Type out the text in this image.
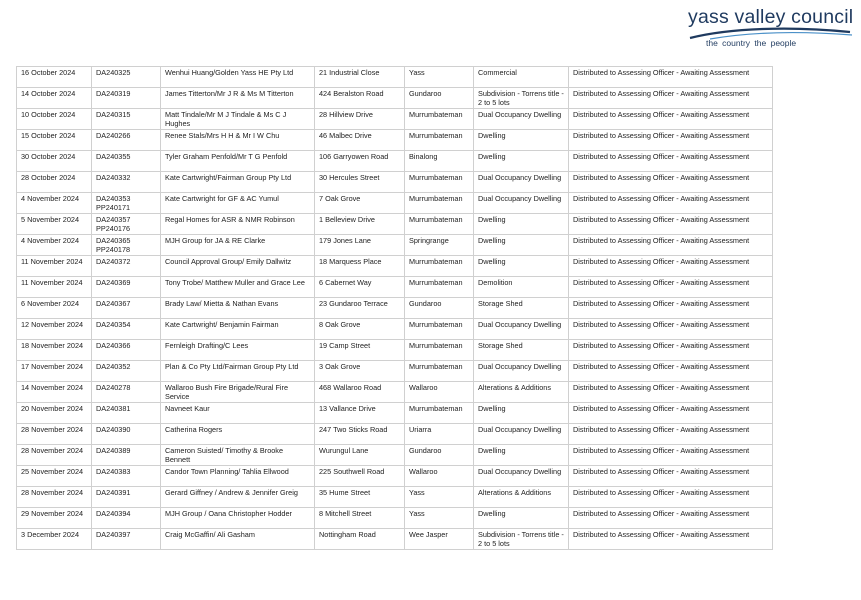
yass valley council
the country the people
16 October 2024	DA240325	Wenhui Huang/Golden Yass HE Pty Ltd	21 Industrial Close	Yass	Commercial	Distributed to Assessing Officer - Awaiting Assessment
14 October 2024	DA240319	James Titterton/Mr J R & Ms M Titterton	424 Beralston Road	Gundaroo	Subdivision - Torrens title - 2 to 5 lots	Distributed to Assessing Officer - Awaiting Assessment
10 October 2024	DA240315	Matt Tindale/Mr M J Tindale & Ms C J Hughes	28 Hillview Drive	Murrumbateman	Dual Occupancy Dwelling	Distributed to Assessing Officer - Awaiting Assessment
15 October 2024	DA240266	Renee Stals/Mrs H H & Mr I W Chu	46 Malbec Drive	Murrumbateman	Dwelling	Distributed to Assessing Officer - Awaiting Assessment
30 October 2024	DA240355	Tyler Graham Penfold/Mr T G Penfold	106 Garryowen Road	Binalong	Dwelling	Distributed to Assessing Officer - Awaiting Assessment
28 October 2024	DA240332	Kate Cartwright/Fairman Group Pty Ltd	30 Hercules Street	Murrumbateman	Dual Occupancy Dwelling	Distributed to Assessing Officer - Awaiting Assessment
4 November 2024	DA240353 PP240171	Kate Cartwright for GF & AC Yumul	7 Oak Grove	Murrumbateman	Dual Occupancy Dwelling	Distributed to Assessing Officer - Awaiting Assessment
5 November 2024	DA240357 PP240176	Regal Homes for ASR & NMR Robinson	1 Belleview Drive	Murrumbateman	Dwelling	Distributed to Assessing Officer - Awaiting Assessment
4 November 2024	DA240365 PP240178	MJH Group for JA & RE Clarke	179 Jones Lane	Springrange	Dwelling	Distributed to Assessing Officer - Awaiting Assessment
11 November 2024	DA240372	Council Approval Group/ Emily Dallwitz	18 Marquess Place	Murrumbateman	Dwelling	Distributed to Assessing Officer - Awaiting Assessment
11 November 2024	DA240369	Tony Trobe/ Matthew Muller and Grace Lee	6 Cabernet Way	Murrumbateman	Demolition	Distributed to Assessing Officer - Awaiting Assessment
6 November 2024	DA240367	Brady Law/ Mietta & Nathan Evans	23 Gundaroo Terrace	Gundaroo	Storage Shed	Distributed to Assessing Officer - Awaiting Assessment
12 November 2024	DA240354	Kate Cartwright/ Benjamin Fairman	8 Oak Grove	Murrumbateman	Dual Occupancy Dwelling	Distributed to Assessing Officer - Awaiting Assessment
18 November 2024	DA240366	Fernleigh Drafting/C Lees	19 Camp Street	Murrumbateman	Storage Shed	Distributed to Assessing Officer - Awaiting Assessment
17 November 2024	DA240352	Plan & Co Pty Ltd/Fairman Group Pty Ltd	3 Oak Grove	Murrumbateman	Dual Occupancy Dwelling	Distributed to Assessing Officer - Awaiting Assessment
14 November 2024	DA240278	Wallaroo Bush Fire Brigade/Rural Fire Service	468 Wallaroo Road	Wallaroo	Alterations & Additions	Distributed to Assessing Officer - Awaiting Assessment
20 November 2024	DA240381	Navneet Kaur	13 Vallance Drive	Murrumbateman	Dwelling	Distributed to Assessing Officer - Awaiting Assessment
28 November 2024	DA240390	Catherina Rogers	247 Two Sticks Road	Uriarra	Dual Occupancy Dwelling	Distributed to Assessing Officer - Awaiting Assessment
28 November 2024	DA240389	Cameron Suisted/ Timothy & Brooke Bennett	Wurungul Lane	Gundaroo	Dwelling	Distributed to Assessing Officer - Awaiting Assessment
25 November 2024	DA240383	Candor Town Planning/ Tahlia Ellwood	225 Southwell Road	Wallaroo	Dual Occupancy Dwelling	Distributed to Assessing Officer - Awaiting Assessment
28 November 2024	DA240391	Gerard Giffney / Andrew & Jennifer Greig	35 Hume Street	Yass	Alterations & Additions	Distributed to Assessing Officer - Awaiting Assessment
29 November 2024	DA240394	MJH Group / Oana Christopher Hodder	8 Mitchell Street	Yass	Dwelling	Distributed to Assessing Officer - Awaiting Assessment
3 December 2024	DA240397	Craig McGaffin/ Ali Gasham	Nottingham Road	Wee Jasper	Subdivision - Torrens title - 2 to 5 lots	Distributed to Assessing Officer - Awaiting Assessment
